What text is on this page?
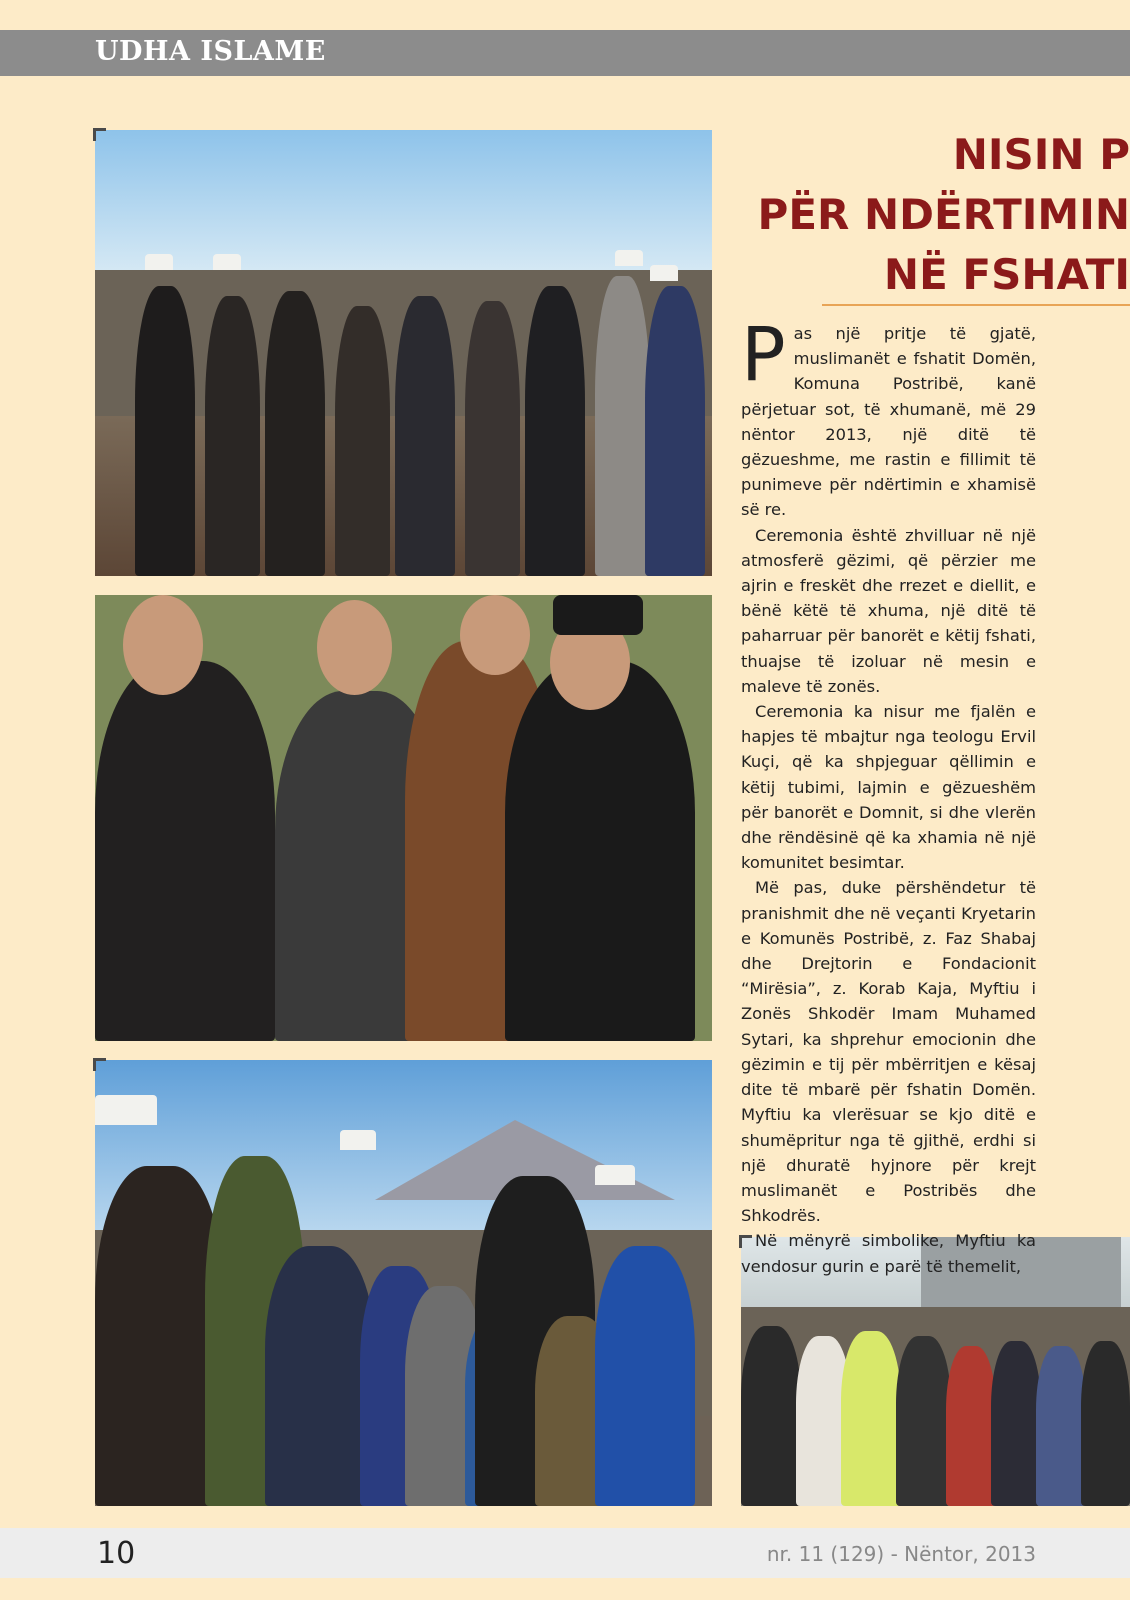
UDHA ISLAME
NISIN P
PËR NDËRTIMIN
NË FSHATI

Pas një pritje të gjatë, muslimanët e fshatit Domën, Komuna Postribë, kanë përjetuar sot, të xhumanë, më 29 nëntor 2013, një ditë të gëzueshme, me rastin e fillimit të punimeve për ndërtimin e xhamisë së re.

Ceremonia është zhvilluar në një atmosferë gëzimi, që përzier me ajrin e freskët dhe rrezet e diellit, e bënë këtë të xhuma, një ditë të paharruar për banorët e këtij fshati, thuajse të izoluar në mesin e maleve të zonës.

Ceremonia ka nisur me fjalën e hapjes të mbajtur nga teologu Ervil Kuçi, që ka shpjeguar qëllimin e këtij tubimi, lajmin e gëzueshëm për banorët e Domnit, si dhe vlerën dhe rëndësinë që ka xhamia në një komunitet besimtar.

Më pas, duke përshëndetur të pranishmit dhe në veçanti Kryetarin e Komunës Postribë, z. Faz Shabaj dhe Drejtorin e Fondacionit “Mirësia”, z. Korab Kaja, Myftiu i Zonës Shkodër Imam Muhamed Sytari, ka shprehur emocionin dhe gëzimin e tij për mbërritjen e kësaj dite të mbarë për fshatin Domën. Myftiu ka vlerësuar se kjo ditë e shumëpritur nga të gjithë, erdhi si një dhuratë hyjnore për krejt muslimanët e Postribës dhe Shkodrës.

Në mënyrë simbolike, Myftiu ka vendosur gurin e parë të themelit,

10	nr. 11 (129) - Nëntor, 2013
